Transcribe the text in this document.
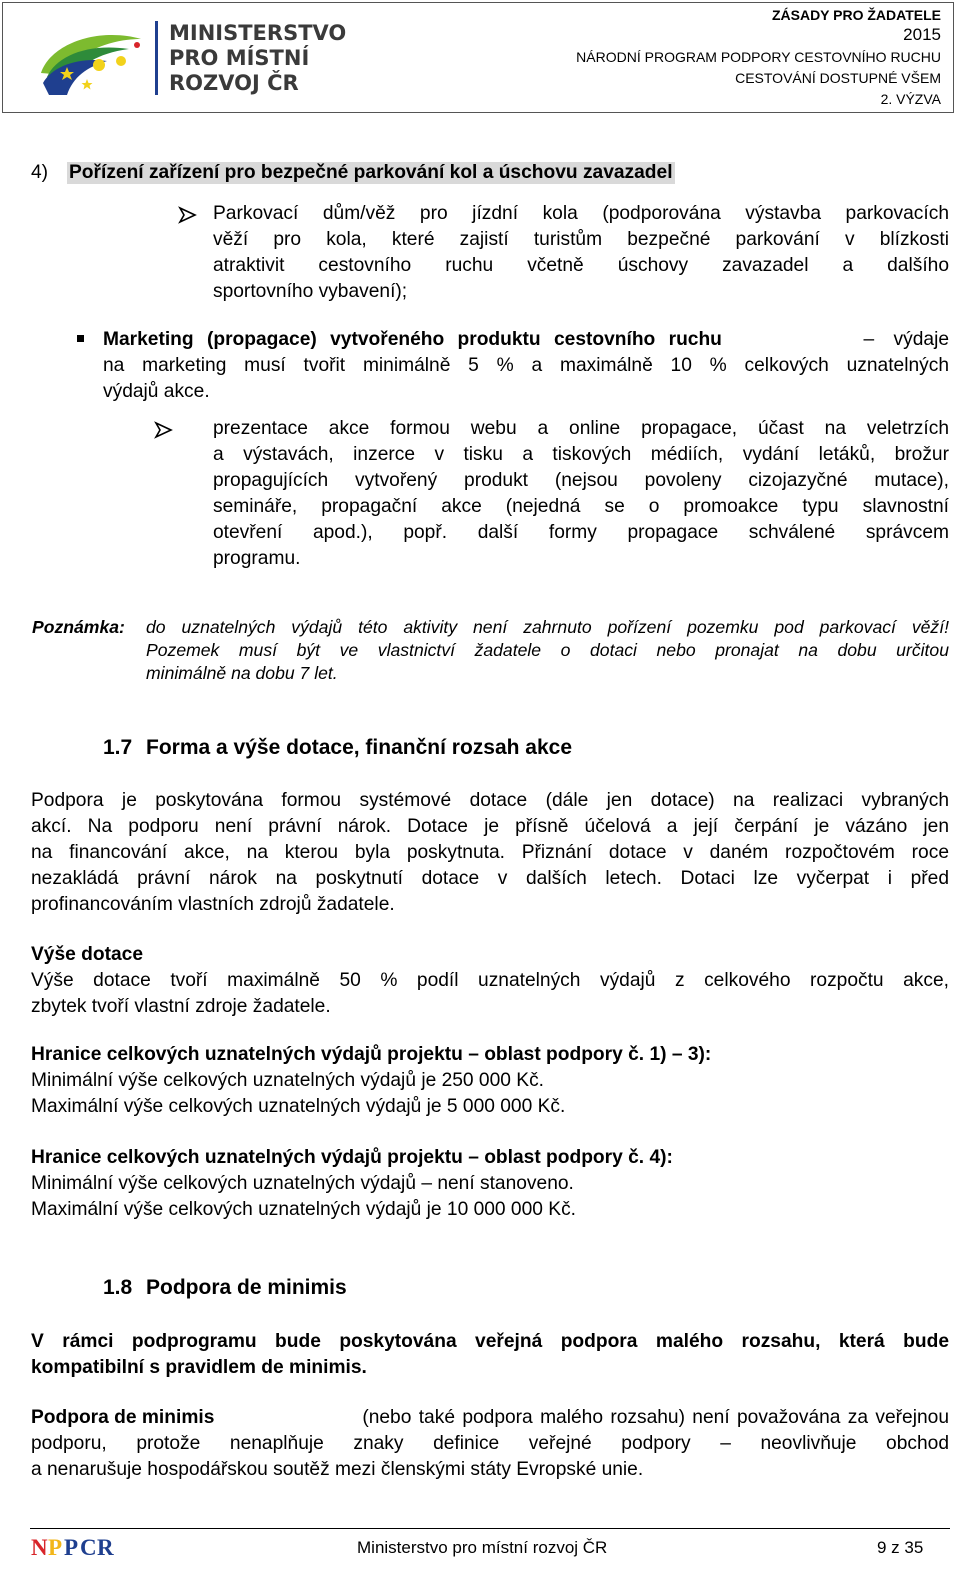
MINISTERSTVO
PRO MÍSTNÍ
ROZVOJ ČR
ZÁSADY PRO ŽADATELE
2015
NÁRODNÍ PROGRAM PODPORY CESTOVNÍHO RUCHU
CESTOVÁNÍ DOSTUPNÉ VŠEM
2. VÝZVA
4) Pořízení zařízení pro bezpečné parkování kol a úschovu zavazadel
Parkovací dům/věž pro jízdní kola (podporována výstavba parkovacích
věží pro kola, které zajistí turistům bezpečné parkování v blízkosti
atraktivit cestovního ruchu včetně úschovy zavazadel a dalšího
sportovního vybavení);
Marketing (propagace) vytvořeného produktu cestovního ruchu	– výdaje
na marketing musí tvořit minimálně 5 % a maximálně 10 % celkových uznatelných
výdajů akce.
prezentace akce formou webu a online propagace, účast na veletrzích
a výstavách, inzerce v tisku a tiskových médiích, vydání letáků, brožur
propagujících vytvořený produkt (nejsou povoleny cizojazyčné mutace),
semináře, propagační akce (nejedná se o promoakce typu slavnostní
otevření apod.), popř. další formy propagace schválené správcem
programu.
Poznámka: do uznatelných výdajů této aktivity není zahrnuto pořízení pozemku pod parkovací věží!
Pozemek musí být ve vlastnictví žadatele o dotaci nebo pronajat na dobu určitou
minimálně na dobu 7 let.
1.7 Forma a výše dotace, finanční rozsah akce
Podpora je poskytována formou systémové dotace (dále jen dotace) na realizaci vybraných
akcí. Na podporu není právní nárok. Dotace je přísně účelová a její čerpání je vázáno jen
na financování akce, na kterou byla poskytnuta. Přiznání dotace v daném rozpočtovém roce
nezakládá právní nárok na poskytnutí dotace v dalších letech. Dotaci lze vyčerpat i před
profinancováním vlastních zdrojů žadatele.
Výše dotace
Výše dotace tvoří maximálně 50 % podíl uznatelných výdajů z celkového rozpočtu akce,
zbytek tvoří vlastní zdroje žadatele.
Hranice celkových uznatelných výdajů projektu – oblast podpory č. 1) – 3):
Minimální výše celkových uznatelných výdajů je 250 000 Kč.
Maximální výše celkových uznatelných výdajů je 5 000 000 Kč.
Hranice celkových uznatelných výdajů projektu – oblast podpory č. 4):
Minimální výše celkových uznatelných výdajů – není stanoveno.
Maximální výše celkových uznatelných výdajů je 10 000 000 Kč.
1.8 Podpora de minimis
V rámci podprogramu bude poskytována veřejná podpora malého rozsahu, která bude
kompatibilní s pravidlem de minimis.
Podpora de minimis	(nebo také podpora malého rozsahu) není považována za veřejnou
podporu, protože nenaplňuje znaky definice veřejné podpory – neovlivňuje obchod
a nenarušuje hospodářskou soutěž mezi členskými státy Evropské unie.
N P P C R	Ministerstvo pro místní rozvoj ČR	9 z 35
